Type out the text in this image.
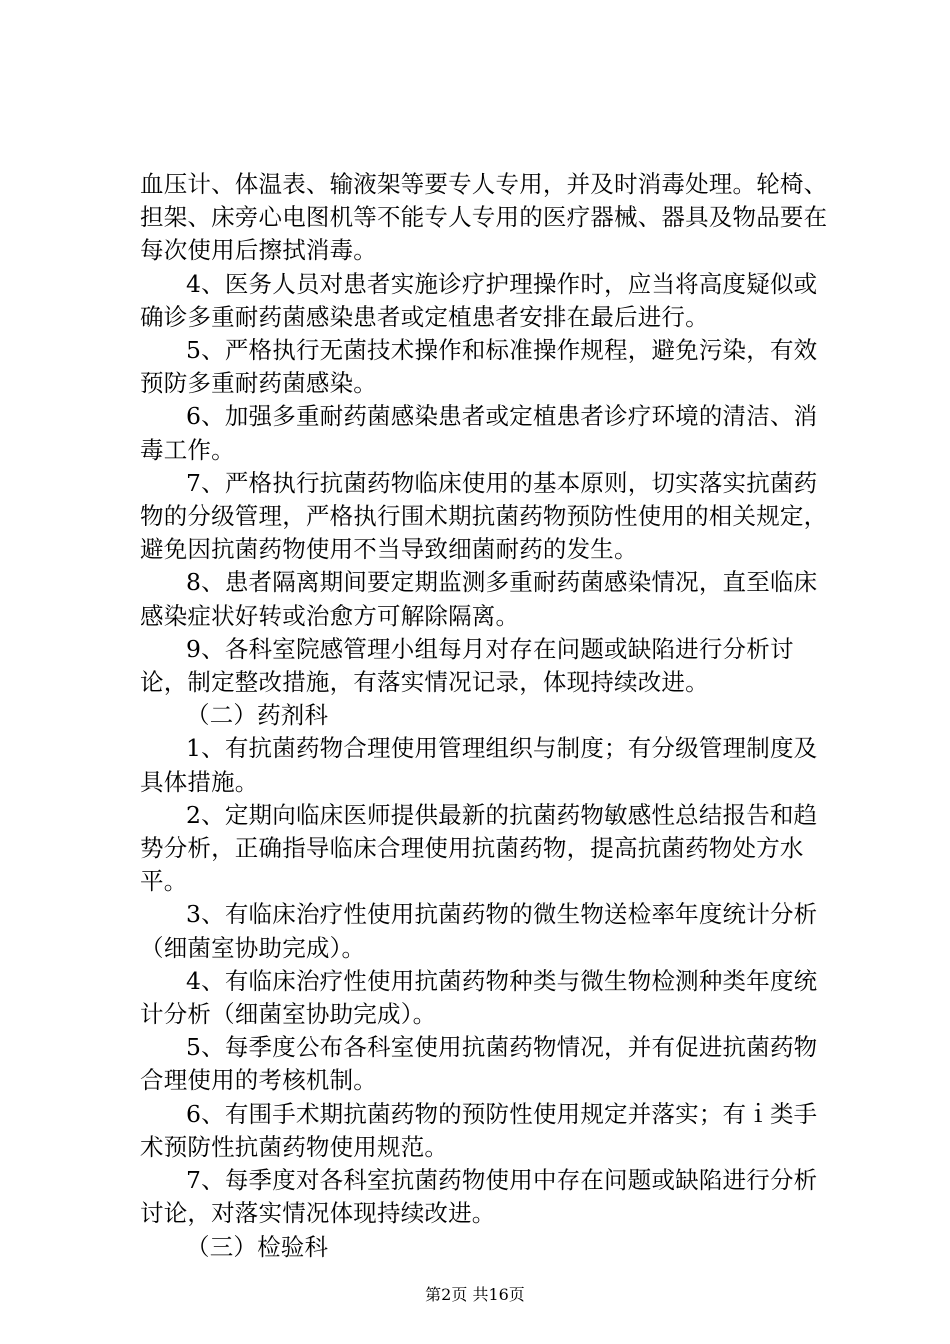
血压计、体温表、输液架等要专人专用，并及时消毒处理。轮椅、担架、床旁心电图机等不能专人专用的医疗器械、器具及物品要在每次使用后擦拭消毒。

4、医务人员对患者实施诊疗护理操作时，应当将高度疑似或确诊多重耐药菌感染患者或定植患者安排在最后进行。

5、严格执行无菌技术操作和标准操作规程，避免污染，有效预防多重耐药菌感染。

6、加强多重耐药菌感染患者或定植患者诊疗环境的清洁、消毒工作。

7、严格执行抗菌药物临床使用的基本原则，切实落实抗菌药物的分级管理，严格执行围术期抗菌药物预防性使用的相关规定，避免因抗菌药物使用不当导致细菌耐药的发生。

8、患者隔离期间要定期监测多重耐药菌感染情况，直至临床感染症状好转或治愈方可解除隔离。

9、各科室院感管理小组每月对存在问题或缺陷进行分析讨论，制定整改措施，有落实情况记录，体现持续改进。

（二）药剂科

1、有抗菌药物合理使用管理组织与制度；有分级管理制度及具体措施。

2、定期向临床医师提供最新的抗菌药物敏感性总结报告和趋势分析，正确指导临床合理使用抗菌药物，提高抗菌药物处方水平。

3、有临床治疗性使用抗菌药物的微生物送检率年度统计分析（细菌室协助完成）。

4、有临床治疗性使用抗菌药物种类与微生物检测种类年度统计分析（细菌室协助完成）。

5、每季度公布各科室使用抗菌药物情况，并有促进抗菌药物合理使用的考核机制。

6、有围手术期抗菌药物的预防性使用规定并落实；有ｉ类手术预防性抗菌药物使用规范。

7、每季度对各科室抗菌药物使用中存在问题或缺陷进行分析讨论，对落实情况体现持续改进。

（三）检验科

第2页 共16页
